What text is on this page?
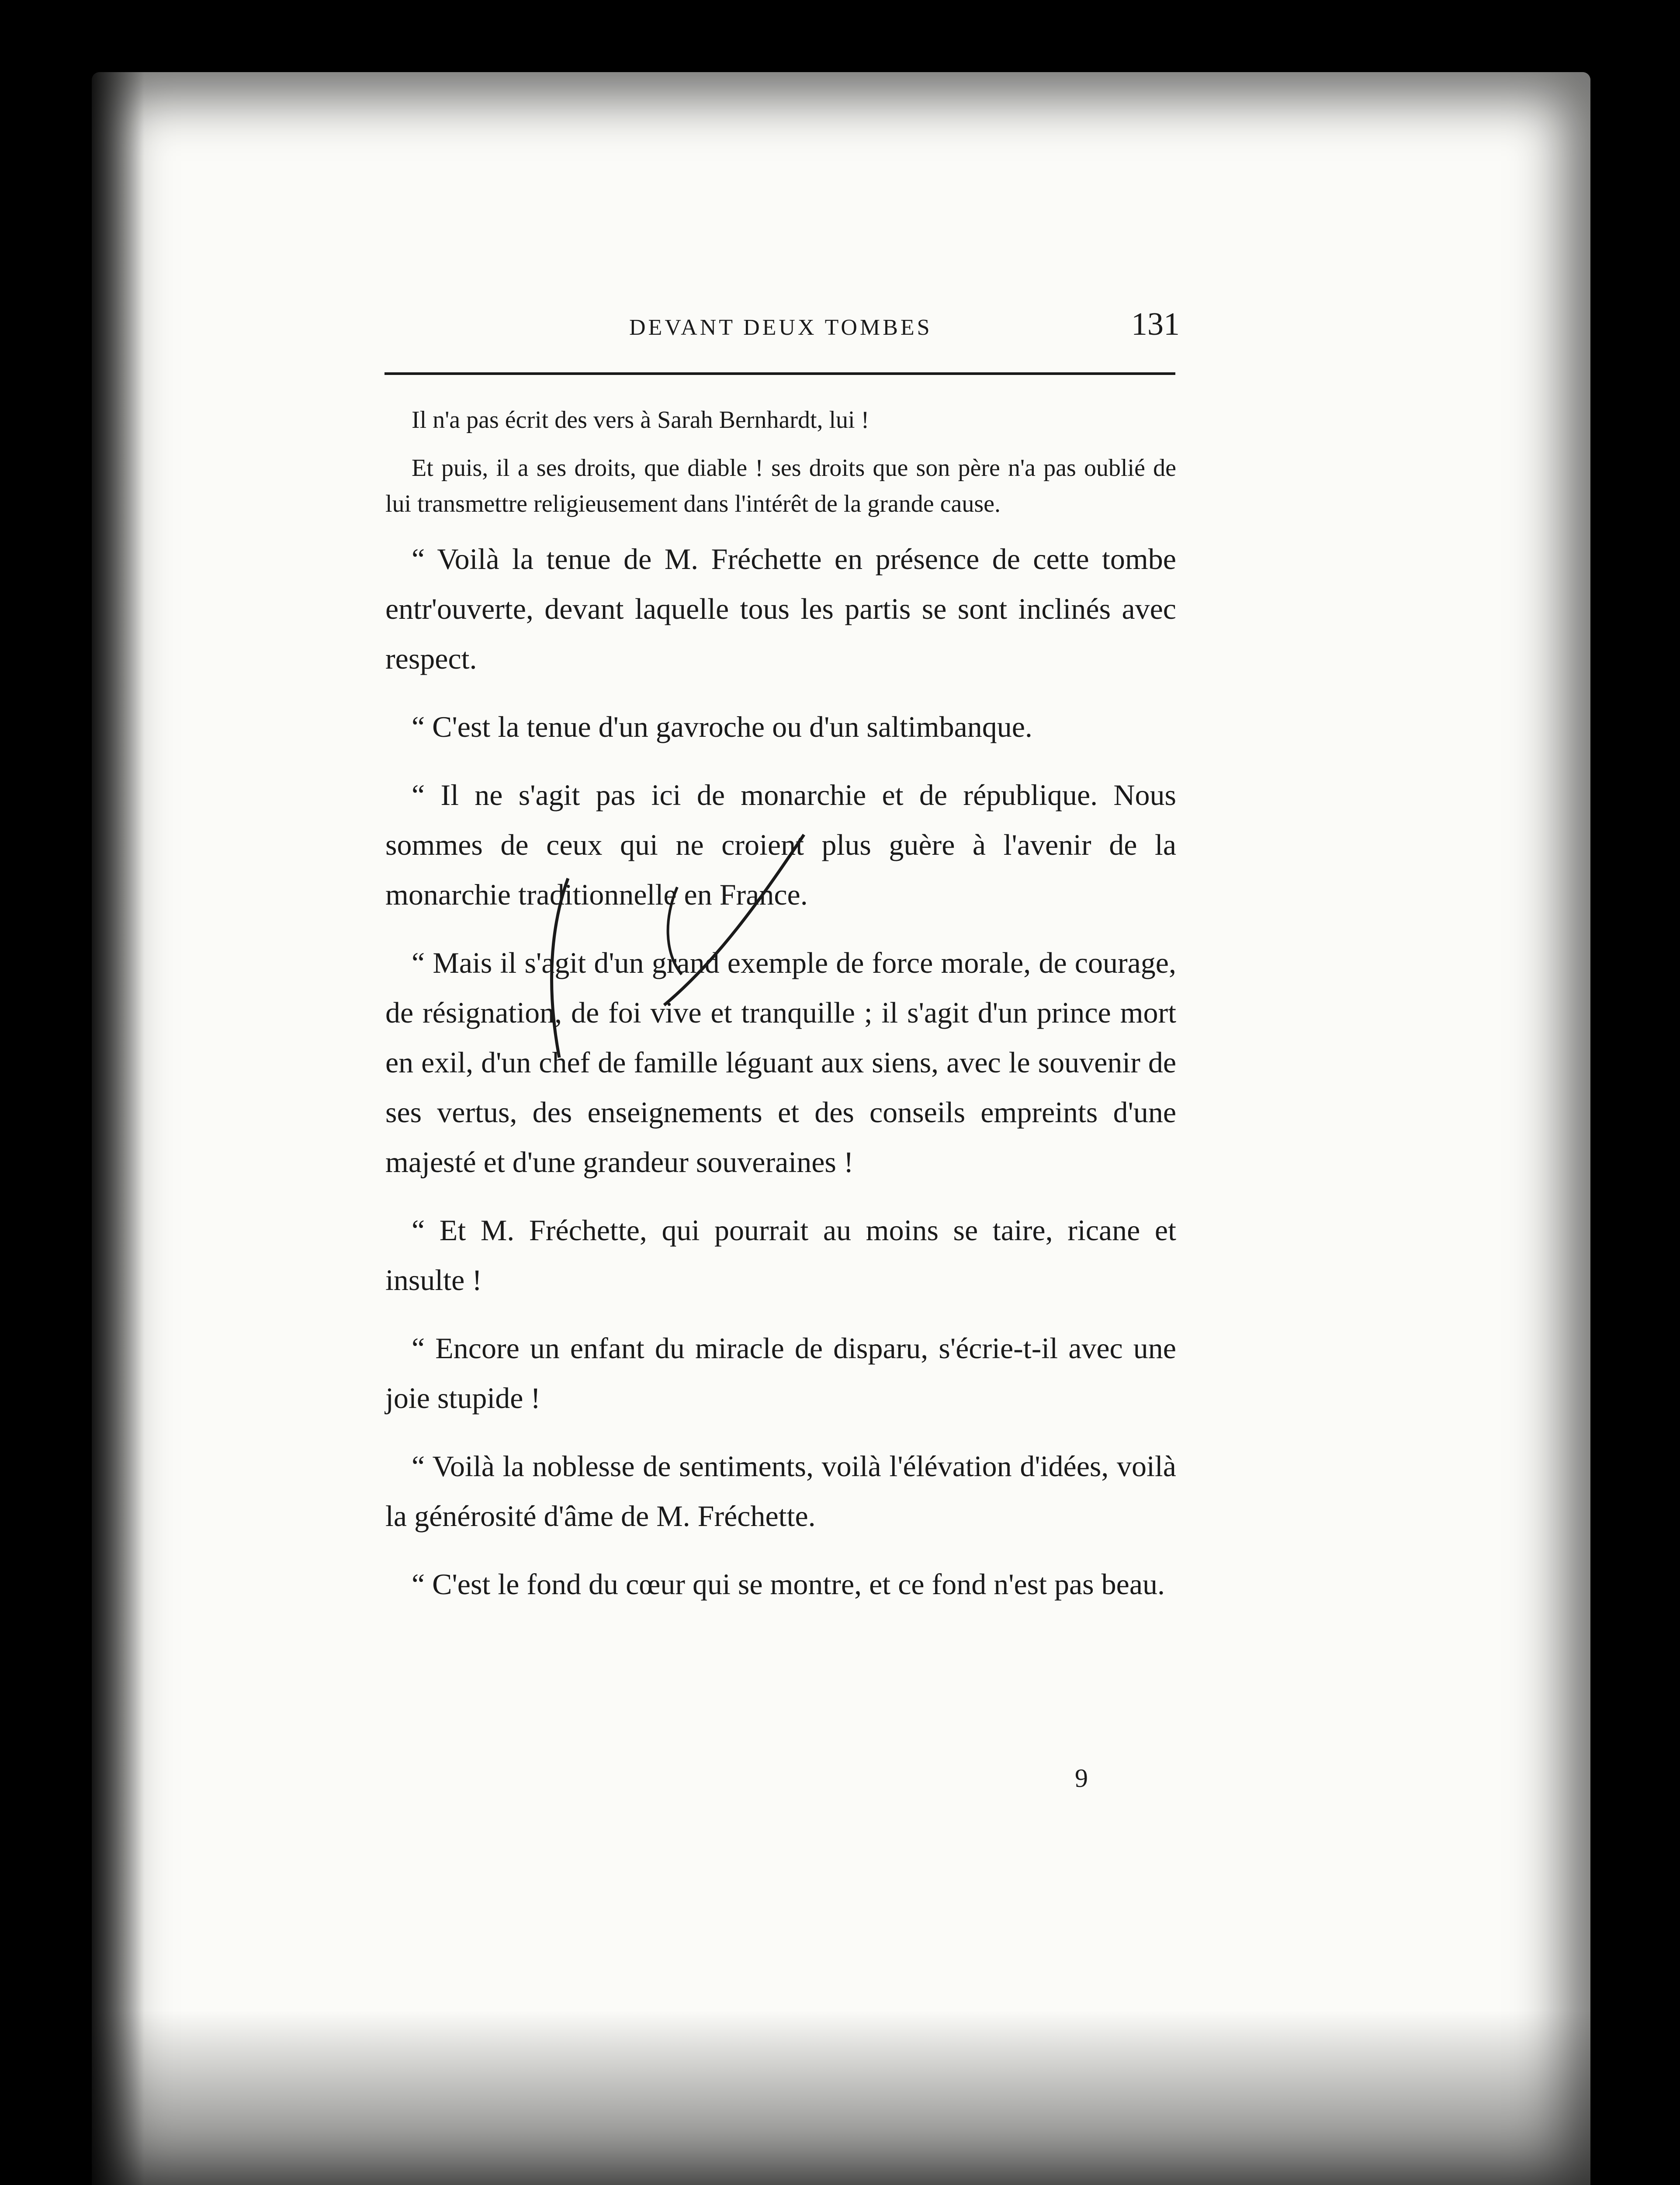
DEVANT DEUX TOMBES	131

Il n'a pas écrit des vers à Sarah Bernhardt, lui !

Et puis, il a ses droits, que diable ! ses droits que son père n'a pas oublié de lui transmettre religieusement dans l'intérêt de la grande cause.

“ Voilà la tenue de M. Fréchette en présence de cette tombe entr'ouverte, devant laquelle tous les partis se sont inclinés avec respect.

“ C'est la tenue d'un gavroche ou d'un saltimbanque.

“ Il ne s'agit pas ici de monarchie et de république. Nous sommes de ceux qui ne croient plus guère à l'avenir de la monarchie traditionnelle en France.

“ Mais il s'agit d'un grand exemple de force morale, de courage, de résignation, de foi vive et tranquille ; il s'agit d'un prince mort en exil, d'un chef de famille léguant aux siens, avec le souvenir de ses vertus, des enseignements et des conseils empreints d'une majesté et d'une grandeur souveraines !

“ Et M. Fréchette, qui pourrait au moins se taire, ricane et insulte !

“ Encore un enfant du miracle de disparu, s'écrie-t-il avec une joie stupide !

“ Voilà la noblesse de sentiments, voilà l'élévation d'idées, voilà la générosité d'âme de M. Fréchette.

“ C'est le fond du cœur qui se montre, et ce fond n'est pas beau.

9
